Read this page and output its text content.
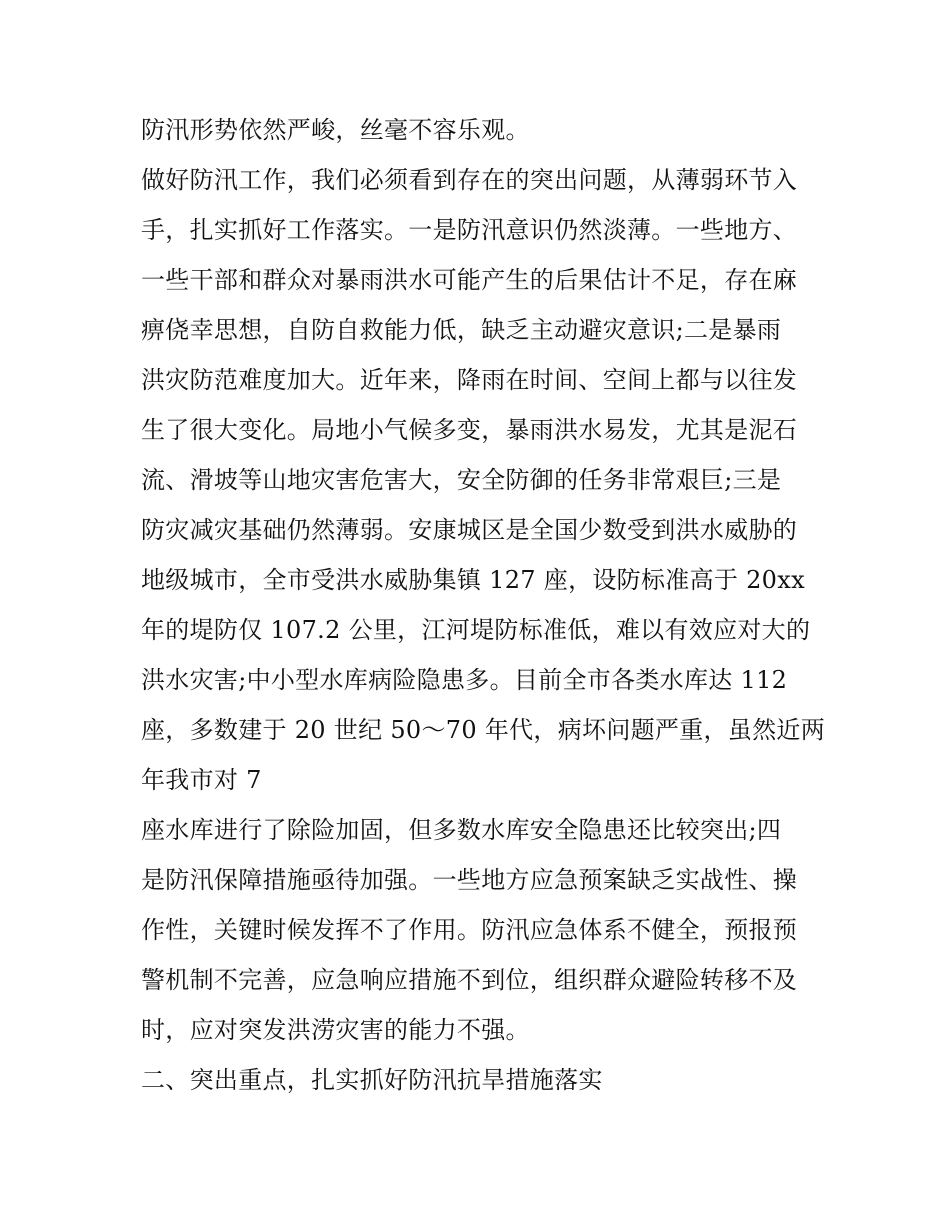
防汛形势依然严峻，丝毫不容乐观。
做好防汛工作，我们必须看到存在的突出问题，从薄弱环节入
手，扎实抓好工作落实。一是防汛意识仍然淡薄。一些地方、
一些干部和群众对暴雨洪水可能产生的后果估计不足，存在麻
痹侥幸思想，自防自救能力低，缺乏主动避灾意识;二是暴雨
洪灾防范难度加大。近年来，降雨在时间、空间上都与以往发
生了很大变化。局地小气候多变，暴雨洪水易发，尤其是泥石
流、滑坡等山地灾害危害大，安全防御的任务非常艰巨;三是
防灾减灾基础仍然薄弱。安康城区是全国少数受到洪水威胁的
地级城市，全市受洪水威胁集镇 127 座，设防标准高于 20xx
年的堤防仅 107.2 公里，江河堤防标准低，难以有效应对大的
洪水灾害;中小型水库病险隐患多。目前全市各类水库达 112
座，多数建于 20 世纪 50～70 年代，病坏问题严重，虽然近两
年我市对 7
座水库进行了除险加固，但多数水库安全隐患还比较突出;四
是防汛保障措施亟待加强。一些地方应急预案缺乏实战性、操
作性，关键时候发挥不了作用。防汛应急体系不健全，预报预
警机制不完善，应急响应措施不到位，组织群众避险转移不及
时，应对突发洪涝灾害的能力不强。
二、突出重点，扎实抓好防汛抗旱措施落实
